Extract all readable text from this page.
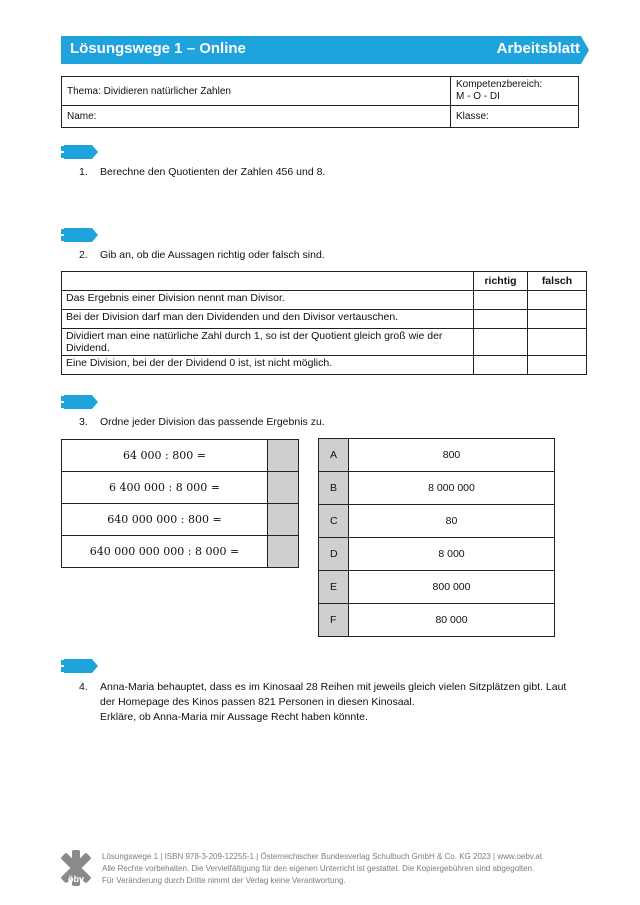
Lösungswege 1 – Online	Arbeitsblatt
Thema: Dividieren natürlicher Zahlen	Kompetenzbereich:
M - O - DI
Name:	Klasse:
1. Berechne den Quotienten der Zahlen 456 und 8.
2. Gib an, ob die Aussagen richtig oder falsch sind.
	richtig	falsch
Das Ergebnis einer Division nennt man Divisor.		
Bei der Division darf man den Dividenden und den Divisor vertauschen.		
Dividiert man eine natürliche Zahl durch 1, so ist der Quotient gleich groß wie der
Dividend.		
Eine Division, bei der der Dividend 0 ist, ist nicht möglich.		
3. Ordne jeder Division das passende Ergebnis zu.
64 000 : 800 =	
6 400 000 : 8 000 =	
640 000 000 : 800 =	
640 000 000 000 : 8 000 =	
A	800
B	8 000 000
C	80
D	8 000
E	800 000
F	80 000
4. Anna-Maria behauptet, dass es im Kinosaal 28 Reihen mit jeweils gleich vielen Sitzplätzen gibt. Laut
der Homepage des Kinos passen 821 Personen in diesen Kinosaal.
Erkläre, ob Anna-Maria mir Aussage Recht haben könnte.
öbv
Lösungswege 1 | ISBN 978-3-209-12255-1 | Österreichischer Bundesverlag Schulbuch GmbH & Co. KG 2023 | www.oebv.at
Alle Rechte vorbehalten. Die Vervielfältigung für den eigenen Unterricht ist gestattet. Die Kopiergebühren sind abgegolten.
Für Veränderung durch Dritte nimmt der Verlag keine Verantwortung.
